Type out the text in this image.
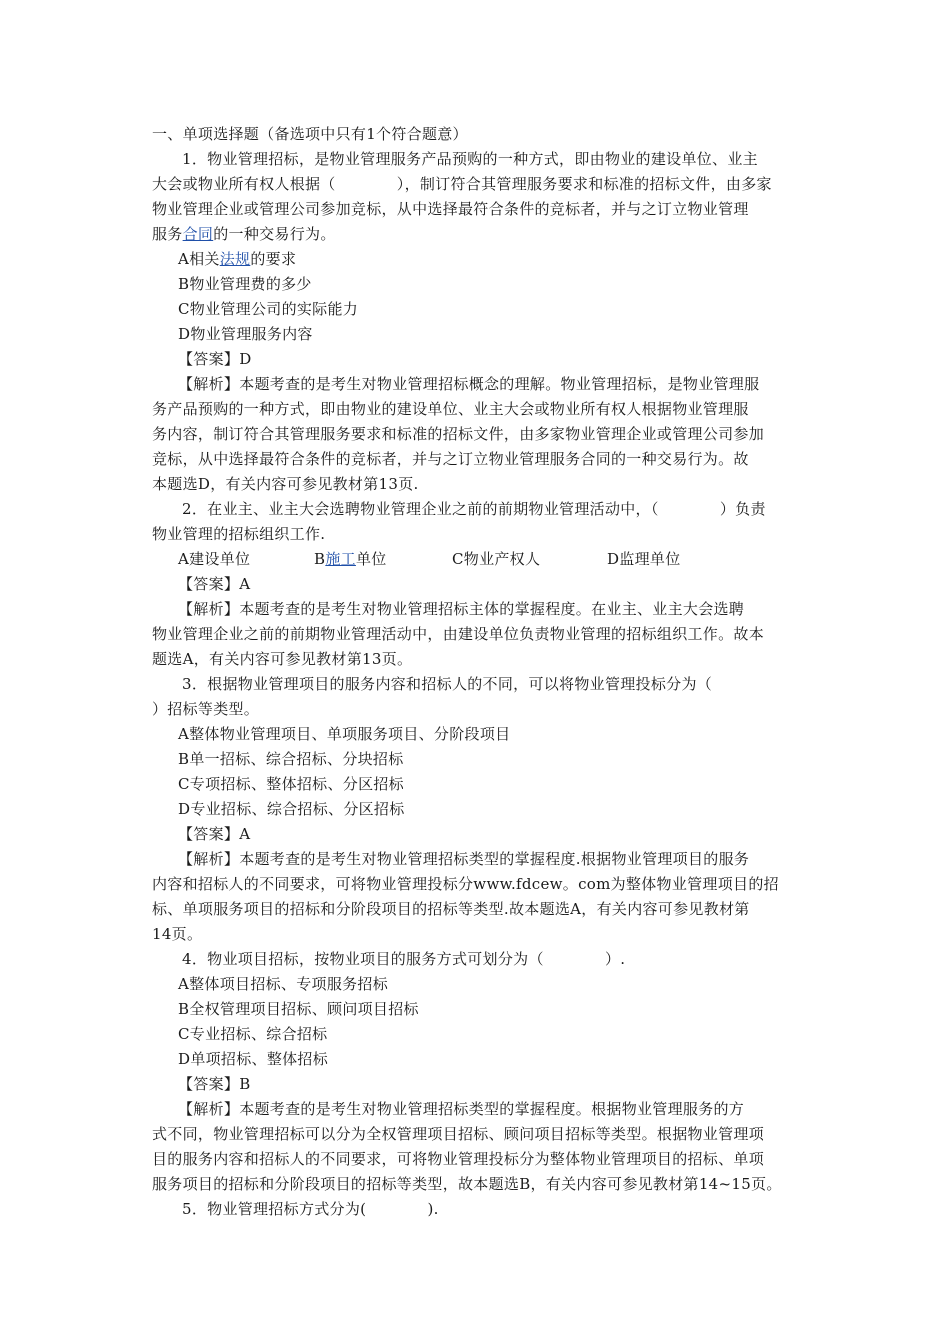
一、单项选择题（备选项中只有1个符合题意）
1．物业管理招标，是物业管理服务产品预购的一种方式，即由物业的建设单位、业主
大会或物业所有权人根据（　　　　），制订符合其管理服务要求和标准的招标文件，由多家
物业管理企业或管理公司参加竞标，从中选择最符合条件的竞标者，并与之订立物业管理
服务合同的一种交易行为。
A相关法规的要求
B物业管理费的多少
C物业管理公司的实际能力
D物业管理服务内容
【答案】D
【解析】本题考查的是考生对物业管理招标概念的理解。物业管理招标，是物业管理服
务产品预购的一种方式，即由物业的建设单位、业主大会或物业所有权人根据物业管理服
务内容，制订符合其管理服务要求和标准的招标文件，由多家物业管理企业或管理公司参加
竞标，从中选择最符合条件的竞标者，并与之订立物业管理服务合同的一种交易行为。故
本题选D，有关内容可参见教材第13页.
2．在业主、业主大会选聘物业管理企业之前的前期物业管理活动中，（　　　　）负责
物业管理的招标组织工作.
A建设单位	B施工单位	C物业产权人	D监理单位
【答案】A
【解析】本题考查的是考生对物业管理招标主体的掌握程度。在业主、业主大会选聘
物业管理企业之前的前期物业管理活动中，由建设单位负责物业管理的招标组织工作。故本
题选A，有关内容可参见教材第13页。
3．根据物业管理项目的服务内容和招标人的不同，可以将物业管理投标分为（
）招标等类型。
A整体物业管理项目、单项服务项目、分阶段项目
B单一招标、综合招标、分块招标
C专项招标、整体招标、分区招标
D专业招标、综合招标、分区招标
【答案】A
【解析】本题考查的是考生对物业管理招标类型的掌握程度.根据物业管理项目的服务
内容和招标人的不同要求，可将物业管理投标分www.fdcew。com为整体物业管理项目的招
标、单项服务项目的招标和分阶段项目的招标等类型.故本题选A，有关内容可参见教材第
14页。
4．物业项目招标，按物业项目的服务方式可划分为（　　　　）.
A整体项目招标、专项服务招标
B全权管理项目招标、顾问项目招标
C专业招标、综合招标
D单项招标、整体招标
【答案】B
【解析】本题考查的是考生对物业管理招标类型的掌握程度。根据物业管理服务的方
式不同，物业管理招标可以分为全权管理项目招标、顾问项目招标等类型。根据物业管理项
目的服务内容和招标人的不同要求，可将物业管理投标分为整体物业管理项目的招标、单项
服务项目的招标和分阶段项目的招标等类型，故本题选B，有关内容可参见教材第14~15页。
5．物业管理招标方式分为(　　　　).
